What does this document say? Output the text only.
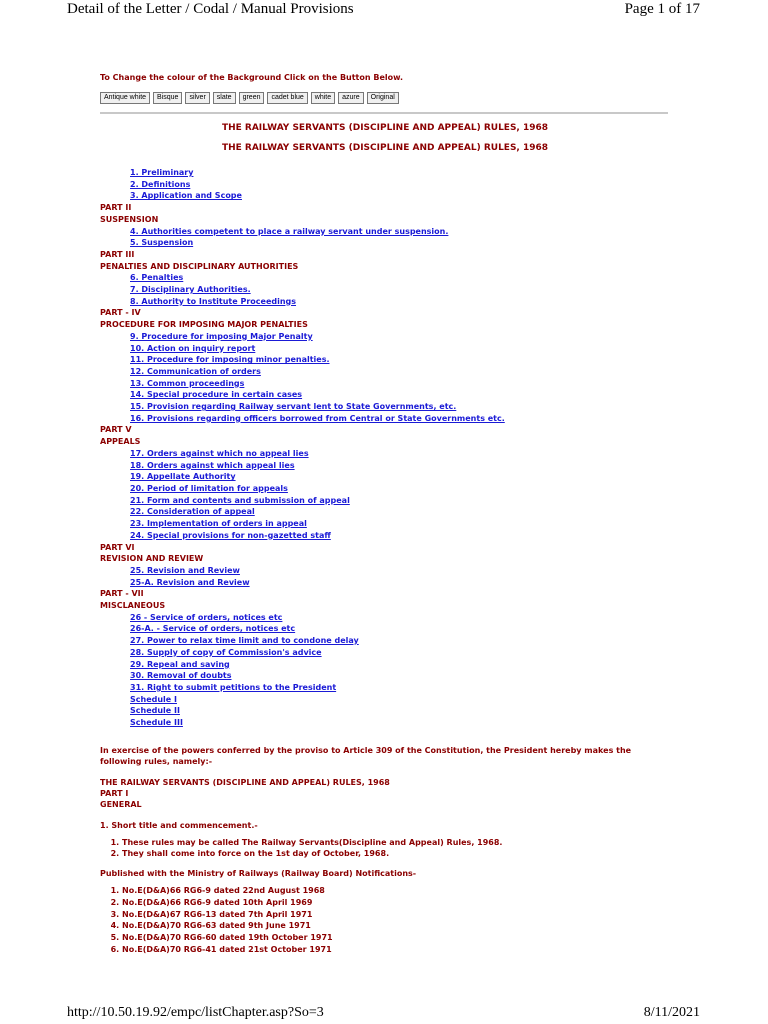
Detail of the Letter / Codal / Manual Provisions	Page 1 of 17

To Change the colour of the Background Click on the Button Below.

Antique white	Bisque	silver	slate	green	cadet blue	white	azure	Original
THE RAILWAY SERVANTS (DISCIPLINE AND APPEAL) RULES, 1968
THE RAILWAY SERVANTS (DISCIPLINE AND APPEAL) RULES, 1968
1. Preliminary
2. Definitions
3. Application and Scope
PART II
SUSPENSION
4. Authorities competent to place a railway servant under suspension.
5. Suspension
PART III
PENALTIES AND DISCIPLINARY AUTHORITIES
6. Penalties
7. Disciplinary Authorities.
8. Authority to Institute Proceedings
PART - IV
PROCEDURE FOR IMPOSING MAJOR PENALTIES
9. Procedure for imposing Major Penalty
10. Action on inquiry report
11. Procedure for imposing minor penalties.
12. Communication of orders
13. Common proceedings
14. Special procedure in certain cases
15. Provision regarding Railway servant lent to State Governments, etc.
16. Provisions regarding officers borrowed from Central or State Governments etc.
PART V
APPEALS
17. Orders against which no appeal lies
18. Orders against which appeal lies
19. Appellate Authority
20. Period of limitation for appeals
21. Form and contents and submission of appeal
22. Consideration of appeal
23. Implementation of orders in appeal
24. Special provisions for non-gazetted staff
PART VI
REVISION AND REVIEW
25. Revision and Review
25-A. Revision and Review
PART - VII
MISCLANEOUS
26 - Service of orders, notices etc
26-A. - Service of orders, notices etc
27. Power to relax time limit and to condone delay
28. Supply of copy of Commission's advice
29. Repeal and saving
30. Removal of doubts
31. Right to submit petitions to the President
Schedule I
Schedule II
Schedule III

In exercise of the powers conferred by the proviso to Article 309 of the Constitution, the President hereby makes the following rules, namely:-

THE RAILWAY SERVANTS (DISCIPLINE AND APPEAL) RULES, 1968

PART I

GENERAL

1. Short title and commencement.-

1. These rules may be called The Railway Servants(Discipline and Appeal) Rules, 1968.
2. They shall come into force on the 1st day of October, 1968.

Published with the Ministry of Railways (Railway Board) Notifications-

1. No.E(D&A)66 RG6-9 dated 22nd August 1968
2. No.E(D&A)66 RG6-9 dated 10th April 1969
3. No.E(D&A)67 RG6-13 dated 7th April 1971
4. No.E(D&A)70 RG6-63 dated 9th June 1971
5. No.E(D&A)70 RG6-60 dated 19th October 1971
6. No.E(D&A)70 RG6-41 dated 21st October 1971
http://10.50.19.92/empc/listChapter.asp?So=3	8/11/2021
